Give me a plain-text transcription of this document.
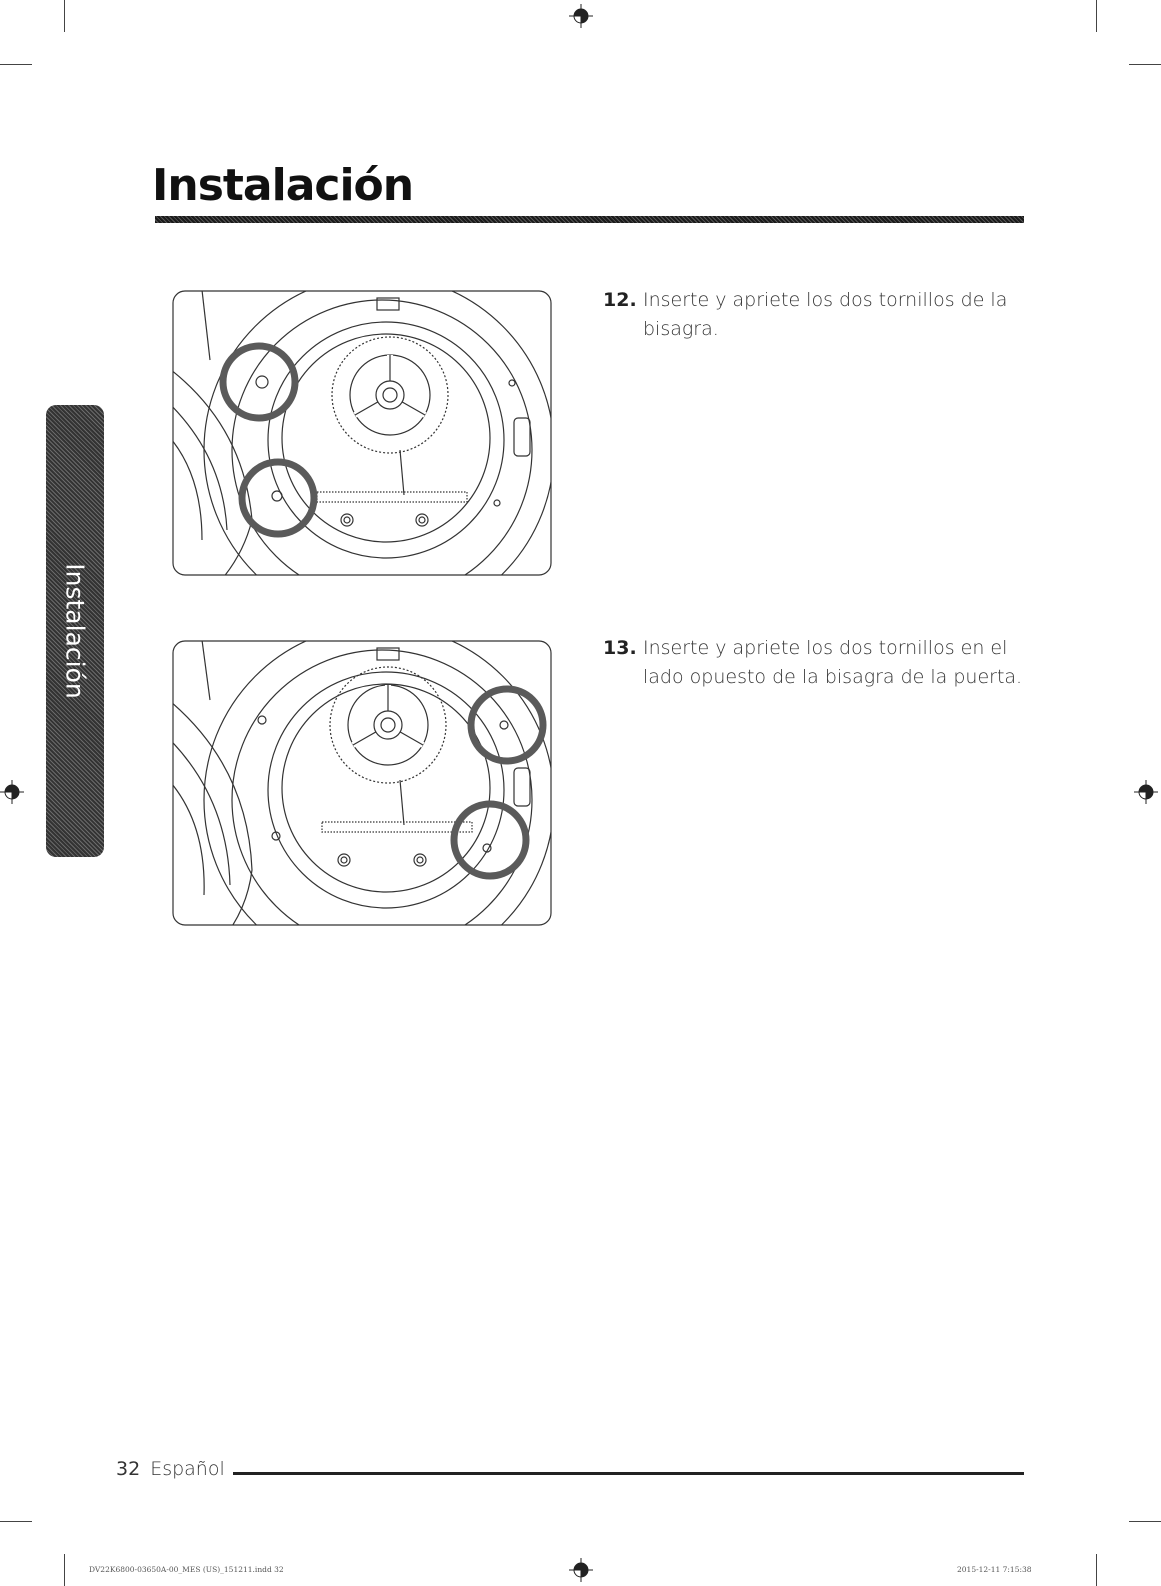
Instalación
Instalación
12. Inserte y apriete los dos tornillos de la bisagra.
13. Inserte y apriete los dos tornillos en el lado opuesto de la bisagra de la puerta.
32 Español
DV22K6800-03650A-00_MES (US)_151211.indd 32	2015-12-11 7:15:38
